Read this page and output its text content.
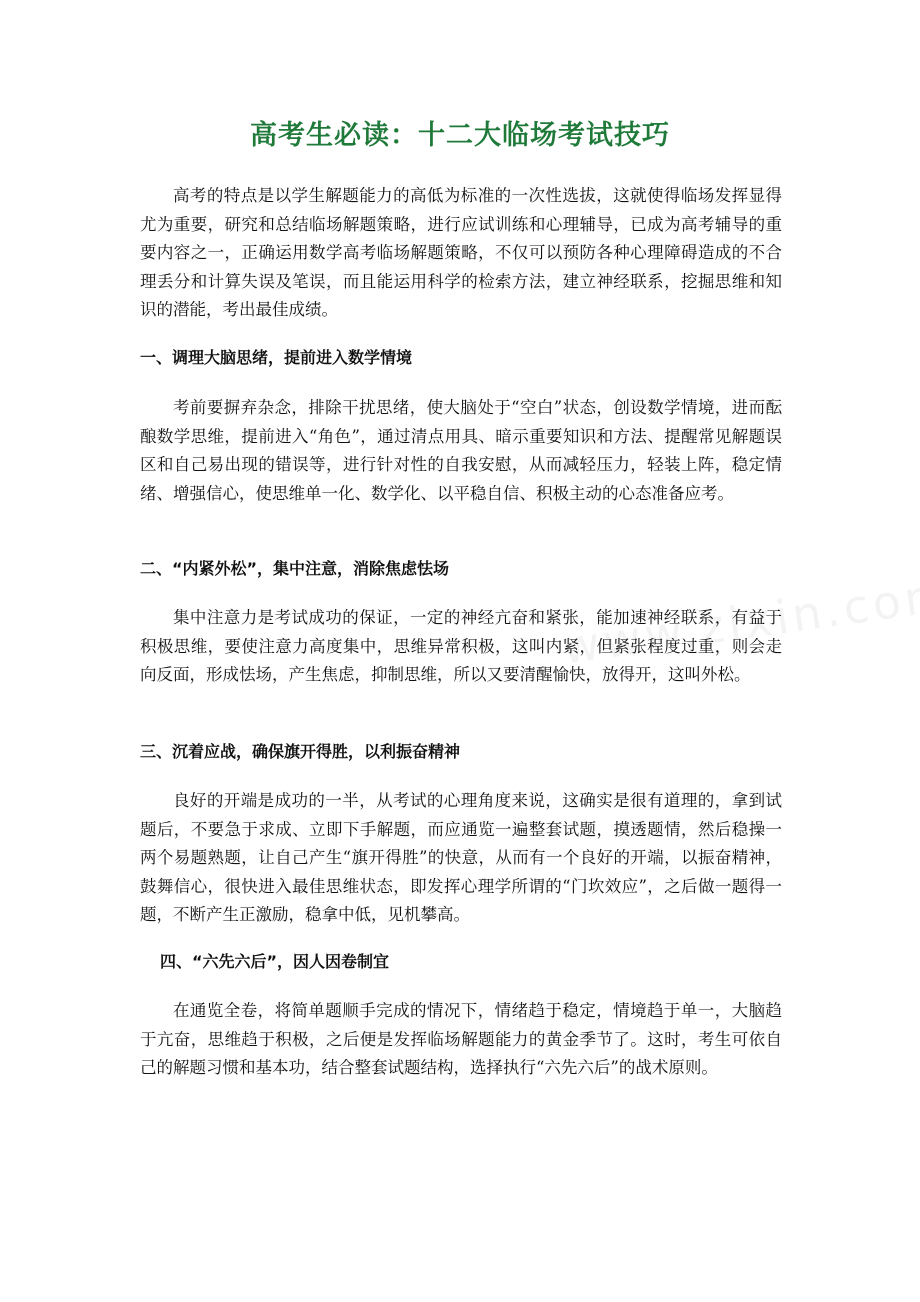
高考生必读：十二大临场考试技巧

高考的特点是以学生解题能力的高低为标准的一次性选拔，这就使得临场发挥显得尤为重要，研究和总结临场解题策略，进行应试训练和心理辅导，已成为高考辅导的重要内容之一，正确运用数学高考临场解题策略，不仅可以预防各种心理障碍造成的不合理丢分和计算失误及笔误，而且能运用科学的检索方法，建立神经联系，挖掘思维和知识的潜能，考出最佳成绩。

一、调理大脑思绪，提前进入数学情境

考前要摒弃杂念，排除干扰思绪，使大脑处于“空白”状态，创设数学情境，进而酝酿数学思维，提前进入“角色”，通过清点用具、暗示重要知识和方法、提醒常见解题误区和自己易出现的错误等，进行针对性的自我安慰，从而减轻压力，轻装上阵，稳定情绪、增强信心，使思维单一化、数学化、以平稳自信、积极主动的心态准备应考。

二、“内紧外松”，集中注意，消除焦虑怯场

集中注意力是考试成功的保证，一定的神经亢奋和紧张，能加速神经联系，有益于积极思维，要使注意力高度集中，思维异常积极，这叫内紧，但紧张程度过重，则会走向反面，形成怯场，产生焦虑，抑制思维，所以又要清醒愉快，放得开，这叫外松。

三、沉着应战，确保旗开得胜，以利振奋精神

良好的开端是成功的一半，从考试的心理角度来说，这确实是很有道理的，拿到试题后，不要急于求成、立即下手解题，而应通览一遍整套试题，摸透题情，然后稳操一两个易题熟题，让自己产生“旗开得胜”的快意，从而有一个良好的开端，以振奋精神，鼓舞信心，很快进入最佳思维状态，即发挥心理学所谓的“门坎效应”，之后做一题得一题，不断产生正激励，稳拿中低，见机攀高。

四、“六先六后”，因人因卷制宜

在通览全卷，将简单题顺手完成的情况下，情绪趋于稳定，情境趋于单一，大脑趋于亢奋，思维趋于积极，之后便是发挥临场解题能力的黄金季节了。这时，考生可依自己的解题习惯和基本功，结合整套试题结构，选择执行“六先六后”的战术原则。
